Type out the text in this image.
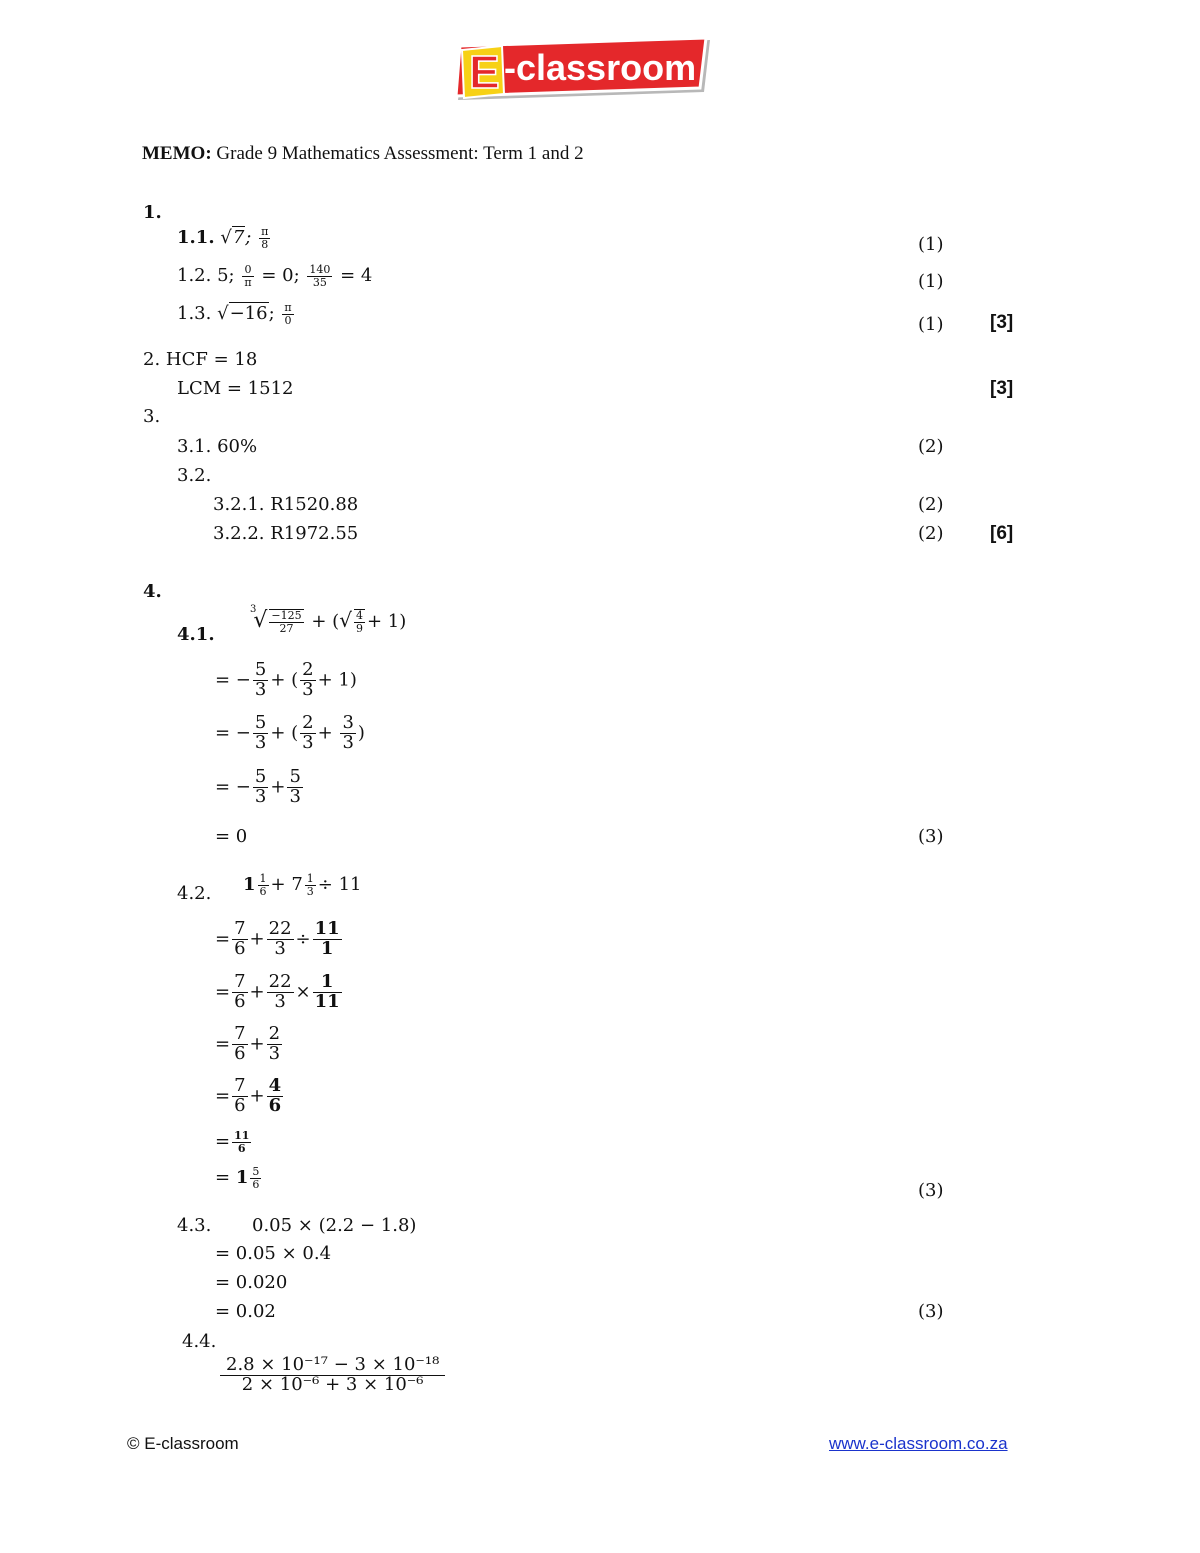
E -classroom
MEMO: Grade 9 Mathematics Assessment: Term 1 and 2
1.
1.1. √7; $\frac{\pi}{8}$	(1)
1.2. 5; $\frac{0}{\pi} = 0$; $\frac{140}{35} = 4$	(1)
1.3. √−16; $\frac{\pi}{0}$	(1) [3]
2. HCF = 18
LCM = 1512	[3]
3.
3.1. 60%	(2)
3.2.
3.2.1. R1520.88	(2)
3.2.2. R1972.55	(2) [6]
4.
4.1.
$^3√ \frac{-125}{27}$ + (√ $\frac{4}{9} + 1$)
= − $\frac{5}{3}$ + ( $\frac{2}{3} + 1$)
= − $\frac{5}{3}$ + ( $\frac{2}{3} + \frac{3}{3}$ )
= − $\frac{5}{3} + \frac{5}{3}$
= 0	(3)
4.2. $1 \frac{1}{6} + 7 \frac{1}{3} \div 11$
= $\frac{7}{6} + \frac{22}{3} \div \frac{11}{1}$
= $\frac{7}{6} + \frac{22}{3} \times \frac{1}{11}$
= $\frac{7}{6} + \frac{2}{3}$
= $\frac{7}{6} + \frac{4}{6}$
= $\frac{11}{6}$
= $1 \frac{5}{6}$
(3)
4.3. 0.05 × (2.2 − 1.8)
= 0.05 × 0.4
= 0.020
= 0.02	(3)
4.4.
$\frac{\text{2.8 × 10⁻¹⁷ − 3 × 10⁻¹⁸}}{\text{2 × 10⁻⁶ + 3 × 10⁻⁶}}$
© E-classroom	www.e-classroom.co.za
